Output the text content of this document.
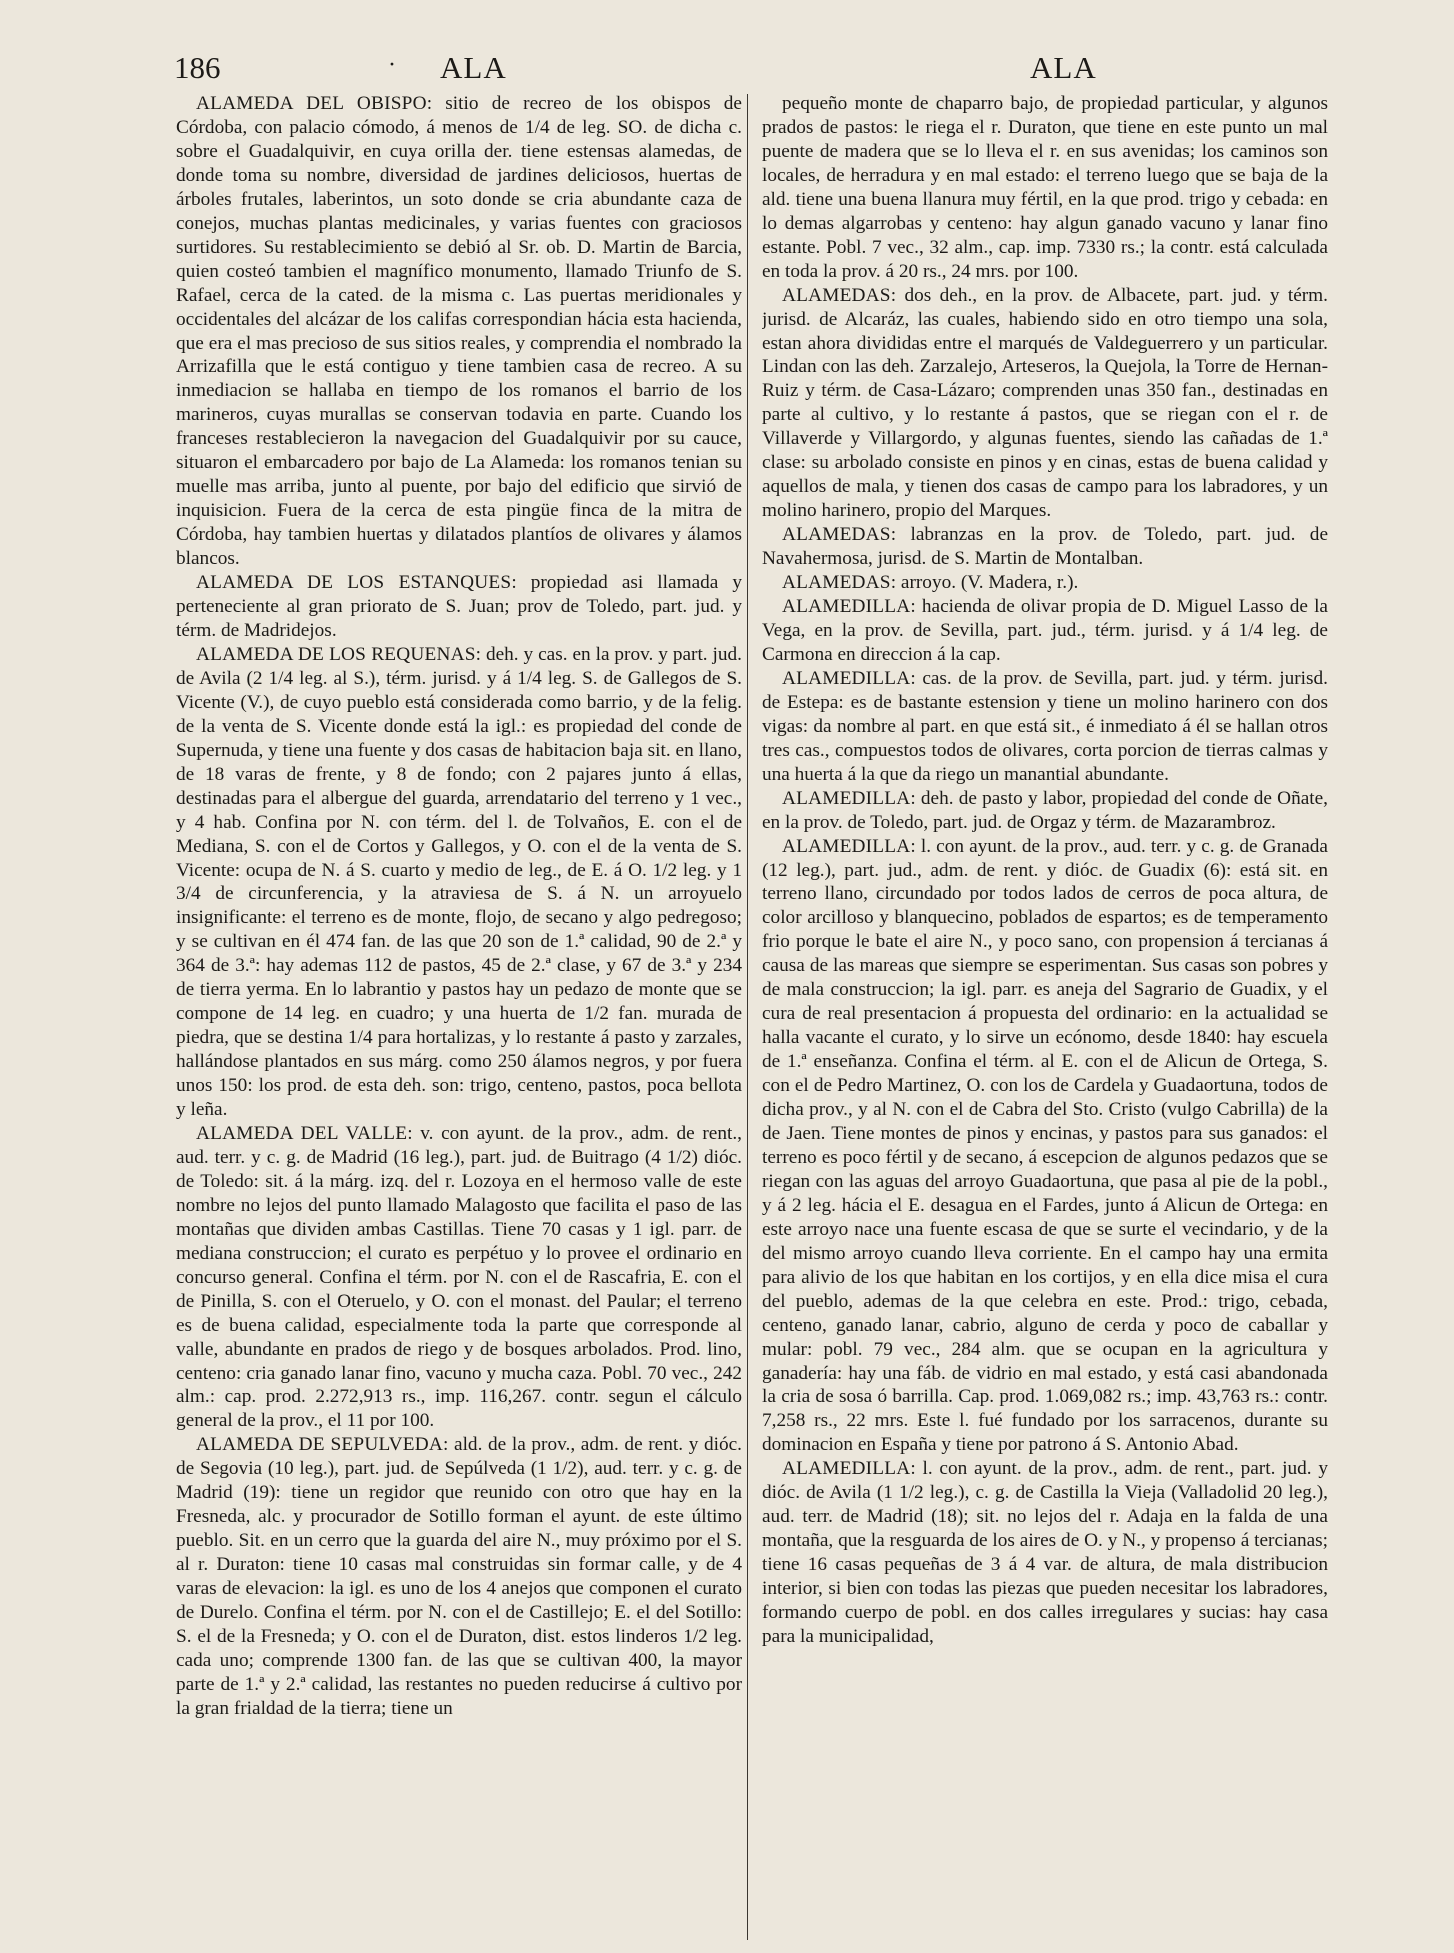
186	· ALA	ALA

ALAMEDA DEL OBISPO: sitio de recreo de los obispos de Córdoba, con palacio cómodo, á menos de 1/4 de leg. SO. de dicha c. sobre el Guadalquivir, en cuya orilla der. tiene estensas alamedas, de donde toma su nombre, diversidad de jardines deliciosos, huertas de árboles frutales, laberintos, un soto donde se cria abundante caza de conejos, muchas plantas medicinales, y varias fuentes con graciosos surtidores. Su restablecimiento se debió al Sr. ob. D. Martin de Barcia, quien costeó tambien el magnífico monumento, llamado Triunfo de S. Rafael, cerca de la cated. de la misma c. Las puertas meridionales y occidentales del alcázar de los califas correspondian hácia esta hacienda, que era el mas precioso de sus sitios reales, y comprendia el nombrado la Arrizafilla que le está contiguo y tiene tambien casa de recreo. A su inmediacion se hallaba en tiempo de los romanos el barrio de los marineros, cuyas murallas se conservan todavia en parte. Cuando los franceses restablecieron la navegacion del Guadalquivir por su cauce, situaron el embarcadero por bajo de La Alameda: los romanos tenian su muelle mas arriba, junto al puente, por bajo del edificio que sirvió de inquisicion. Fuera de la cerca de esta pingüe finca de la mitra de Córdoba, hay tambien huertas y dilatados plantíos de olivares y álamos blancos.

ALAMEDA DE LOS ESTANQUES: propiedad asi llamada y perteneciente al gran priorato de S. Juan; prov de Toledo, part. jud. y térm. de Madridejos.

ALAMEDA DE LOS REQUENAS: deh. y cas. en la prov. y part. jud. de Avila (2 1/4 leg. al S.), térm. jurisd. y á 1/4 leg. S. de Gallegos de S. Vicente (V.), de cuyo pueblo está considerada como barrio, y de la felig. de la venta de S. Vicente donde está la igl.: es propiedad del conde de Supernuda, y tiene una fuente y dos casas de habitacion baja sit. en llano, de 18 varas de frente, y 8 de fondo; con 2 pajares junto á ellas, destinadas para el albergue del guarda, arrendatario del terreno y 1 vec., y 4 hab. Confina por N. con térm. del l. de Tolvaños, E. con el de Mediana, S. con el de Cortos y Gallegos, y O. con el de la venta de S. Vicente: ocupa de N. á S. cuarto y medio de leg., de E. á O. 1/2 leg. y 1 3/4 de circunferencia, y la atraviesa de S. á N. un arroyuelo insignificante: el terreno es de monte, flojo, de secano y algo pedregoso; y se cultivan en él 474 fan. de las que 20 son de 1.ª calidad, 90 de 2.ª y 364 de 3.ª: hay ademas 112 de pastos, 45 de 2.ª clase, y 67 de 3.ª y 234 de tierra yerma. En lo labrantio y pastos hay un pedazo de monte que se compone de 14 leg. en cuadro; y una huerta de 1/2 fan. murada de piedra, que se destina 1/4 para hortalizas, y lo restante á pasto y zarzales, hallándose plantados en sus márg. como 250 álamos negros, y por fuera unos 150: los prod. de esta deh. son: trigo, centeno, pastos, poca bellota y leña.

ALAMEDA DEL VALLE: v. con ayunt. de la prov., adm. de rent., aud. terr. y c. g. de Madrid (16 leg.), part. jud. de Buitrago (4 1/2) dióc. de Toledo: sit. á la márg. izq. del r. Lozoya en el hermoso valle de este nombre no lejos del punto llamado Malagosto que facilita el paso de las montañas que dividen ambas Castillas. Tiene 70 casas y 1 igl. parr. de mediana construccion; el curato es perpétuo y lo provee el ordinario en concurso general. Confina el térm. por N. con el de Rascafria, E. con el de Pinilla, S. con el Oteruelo, y O. con el monast. del Paular; el terreno es de buena calidad, especialmente toda la parte que corresponde al valle, abundante en prados de riego y de bosques arbolados. Prod. lino, centeno: cria ganado lanar fino, vacuno y mucha caza. Pobl. 70 vec., 242 alm.: cap. prod. 2.272,913 rs., imp. 116,267. contr. segun el cálculo general de la prov., el 11 por 100.

ALAMEDA DE SEPULVEDA: ald. de la prov., adm. de rent. y dióc. de Segovia (10 leg.), part. jud. de Sepúlveda (1 1/2), aud. terr. y c. g. de Madrid (19): tiene un regidor que reunido con otro que hay en la Fresneda, alc. y procurador de Sotillo forman el ayunt. de este último pueblo. Sit. en un cerro que la guarda del aire N., muy próximo por el S. al r. Duraton: tiene 10 casas mal construidas sin formar calle, y de 4 varas de elevacion: la igl. es uno de los 4 anejos que componen el curato de Durelo. Confina el térm. por N. con el de Castillejo; E. el del Sotillo: S. el de la Fresneda; y O. con el de Duraton, dist. estos linderos 1/2 leg. cada uno; comprende 1300 fan. de las que se cultivan 400, la mayor parte de 1.ª y 2.ª calidad, las restantes no pueden reducirse á cultivo por la gran frialdad de la tierra; tiene un

pequeño monte de chaparro bajo, de propiedad particular, y algunos prados de pastos: le riega el r. Duraton, que tiene en este punto un mal puente de madera que se lo lleva el r. en sus avenidas; los caminos son locales, de herradura y en mal estado: el terreno luego que se baja de la ald. tiene una buena llanura muy fértil, en la que prod. trigo y cebada: en lo demas algarrobas y centeno: hay algun ganado vacuno y lanar fino estante. Pobl. 7 vec., 32 alm., cap. imp. 7330 rs.; la contr. está calculada en toda la prov. á 20 rs., 24 mrs. por 100.

ALAMEDAS: dos deh., en la prov. de Albacete, part. jud. y térm. jurisd. de Alcaráz, las cuales, habiendo sido en otro tiempo una sola, estan ahora divididas entre el marqués de Valdeguerrero y un particular. Lindan con las deh. Zarzalejo, Arteseros, la Quejola, la Torre de Hernan-Ruiz y térm. de Casa-Lázaro; comprenden unas 350 fan., destinadas en parte al cultivo, y lo restante á pastos, que se riegan con el r. de Villaverde y Villargordo, y algunas fuentes, siendo las cañadas de 1.ª clase: su arbolado consiste en pinos y en cinas, estas de buena calidad y aquellos de mala, y tienen dos casas de campo para los labradores, y un molino harinero, propio del Marques.

ALAMEDAS: labranzas en la prov. de Toledo, part. jud. de Navahermosa, jurisd. de S. Martin de Montalban.

ALAMEDAS: arroyo. (V. Madera, r.).

ALAMEDILLA: hacienda de olivar propia de D. Miguel Lasso de la Vega, en la prov. de Sevilla, part. jud., térm. jurisd. y á 1/4 leg. de Carmona en direccion á la cap.

ALAMEDILLA: cas. de la prov. de Sevilla, part. jud. y térm. jurisd. de Estepa: es de bastante estension y tiene un molino harinero con dos vigas: da nombre al part. en que está sit., é inmediato á él se hallan otros tres cas., compuestos todos de olivares, corta porcion de tierras calmas y una huerta á la que da riego un manantial abundante.

ALAMEDILLA: deh. de pasto y labor, propiedad del conde de Oñate, en la prov. de Toledo, part. jud. de Orgaz y térm. de Mazarambroz.

ALAMEDILLA: l. con ayunt. de la prov., aud. terr. y c. g. de Granada (12 leg.), part. jud., adm. de rent. y dióc. de Guadix (6): está sit. en terreno llano, circundado por todos lados de cerros de poca altura, de color arcilloso y blanquecino, poblados de espartos; es de temperamento frio porque le bate el aire N., y poco sano, con propension á tercianas á causa de las mareas que siempre se esperimentan. Sus casas son pobres y de mala construccion; la igl. parr. es aneja del Sagrario de Guadix, y el cura de real presentacion á propuesta del ordinario: en la actualidad se halla vacante el curato, y lo sirve un ecónomo, desde 1840: hay escuela de 1.ª enseñanza. Confina el térm. al E. con el de Alicun de Ortega, S. con el de Pedro Martinez, O. con los de Cardela y Guadaortuna, todos de dicha prov., y al N. con el de Cabra del Sto. Cristo (vulgo Cabrilla) de la de Jaen. Tiene montes de pinos y encinas, y pastos para sus ganados: el terreno es poco fértil y de secano, á escepcion de algunos pedazos que se riegan con las aguas del arroyo Guadaortuna, que pasa al pie de la pobl., y á 2 leg. hácia el E. desagua en el Fardes, junto á Alicun de Ortega: en este arroyo nace una fuente escasa de que se surte el vecindario, y de la del mismo arroyo cuando lleva corriente. En el campo hay una ermita para alivio de los que habitan en los cortijos, y en ella dice misa el cura del pueblo, ademas de la que celebra en este. Prod.: trigo, cebada, centeno, ganado lanar, cabrio, alguno de cerda y poco de caballar y mular: pobl. 79 vec., 284 alm. que se ocupan en la agricultura y ganadería: hay una fáb. de vidrio en mal estado, y está casi abandonada la cria de sosa ó barrilla. Cap. prod. 1.069,082 rs.; imp. 43,763 rs.: contr. 7,258 rs., 22 mrs. Este l. fué fundado por los sarracenos, durante su dominacion en España y tiene por patrono á S. Antonio Abad.

ALAMEDILLA: l. con ayunt. de la prov., adm. de rent., part. jud. y dióc. de Avila (1 1/2 leg.), c. g. de Castilla la Vieja (Valladolid 20 leg.), aud. terr. de Madrid (18); sit. no lejos del r. Adaja en la falda de una montaña, que la resguarda de los aires de O. y N., y propenso á tercianas; tiene 16 casas pequeñas de 3 á 4 var. de altura, de mala distribucion interior, si bien con todas las piezas que pueden necesitar los labradores, formando cuerpo de pobl. en dos calles irregulares y sucias: hay casa para la municipalidad,
